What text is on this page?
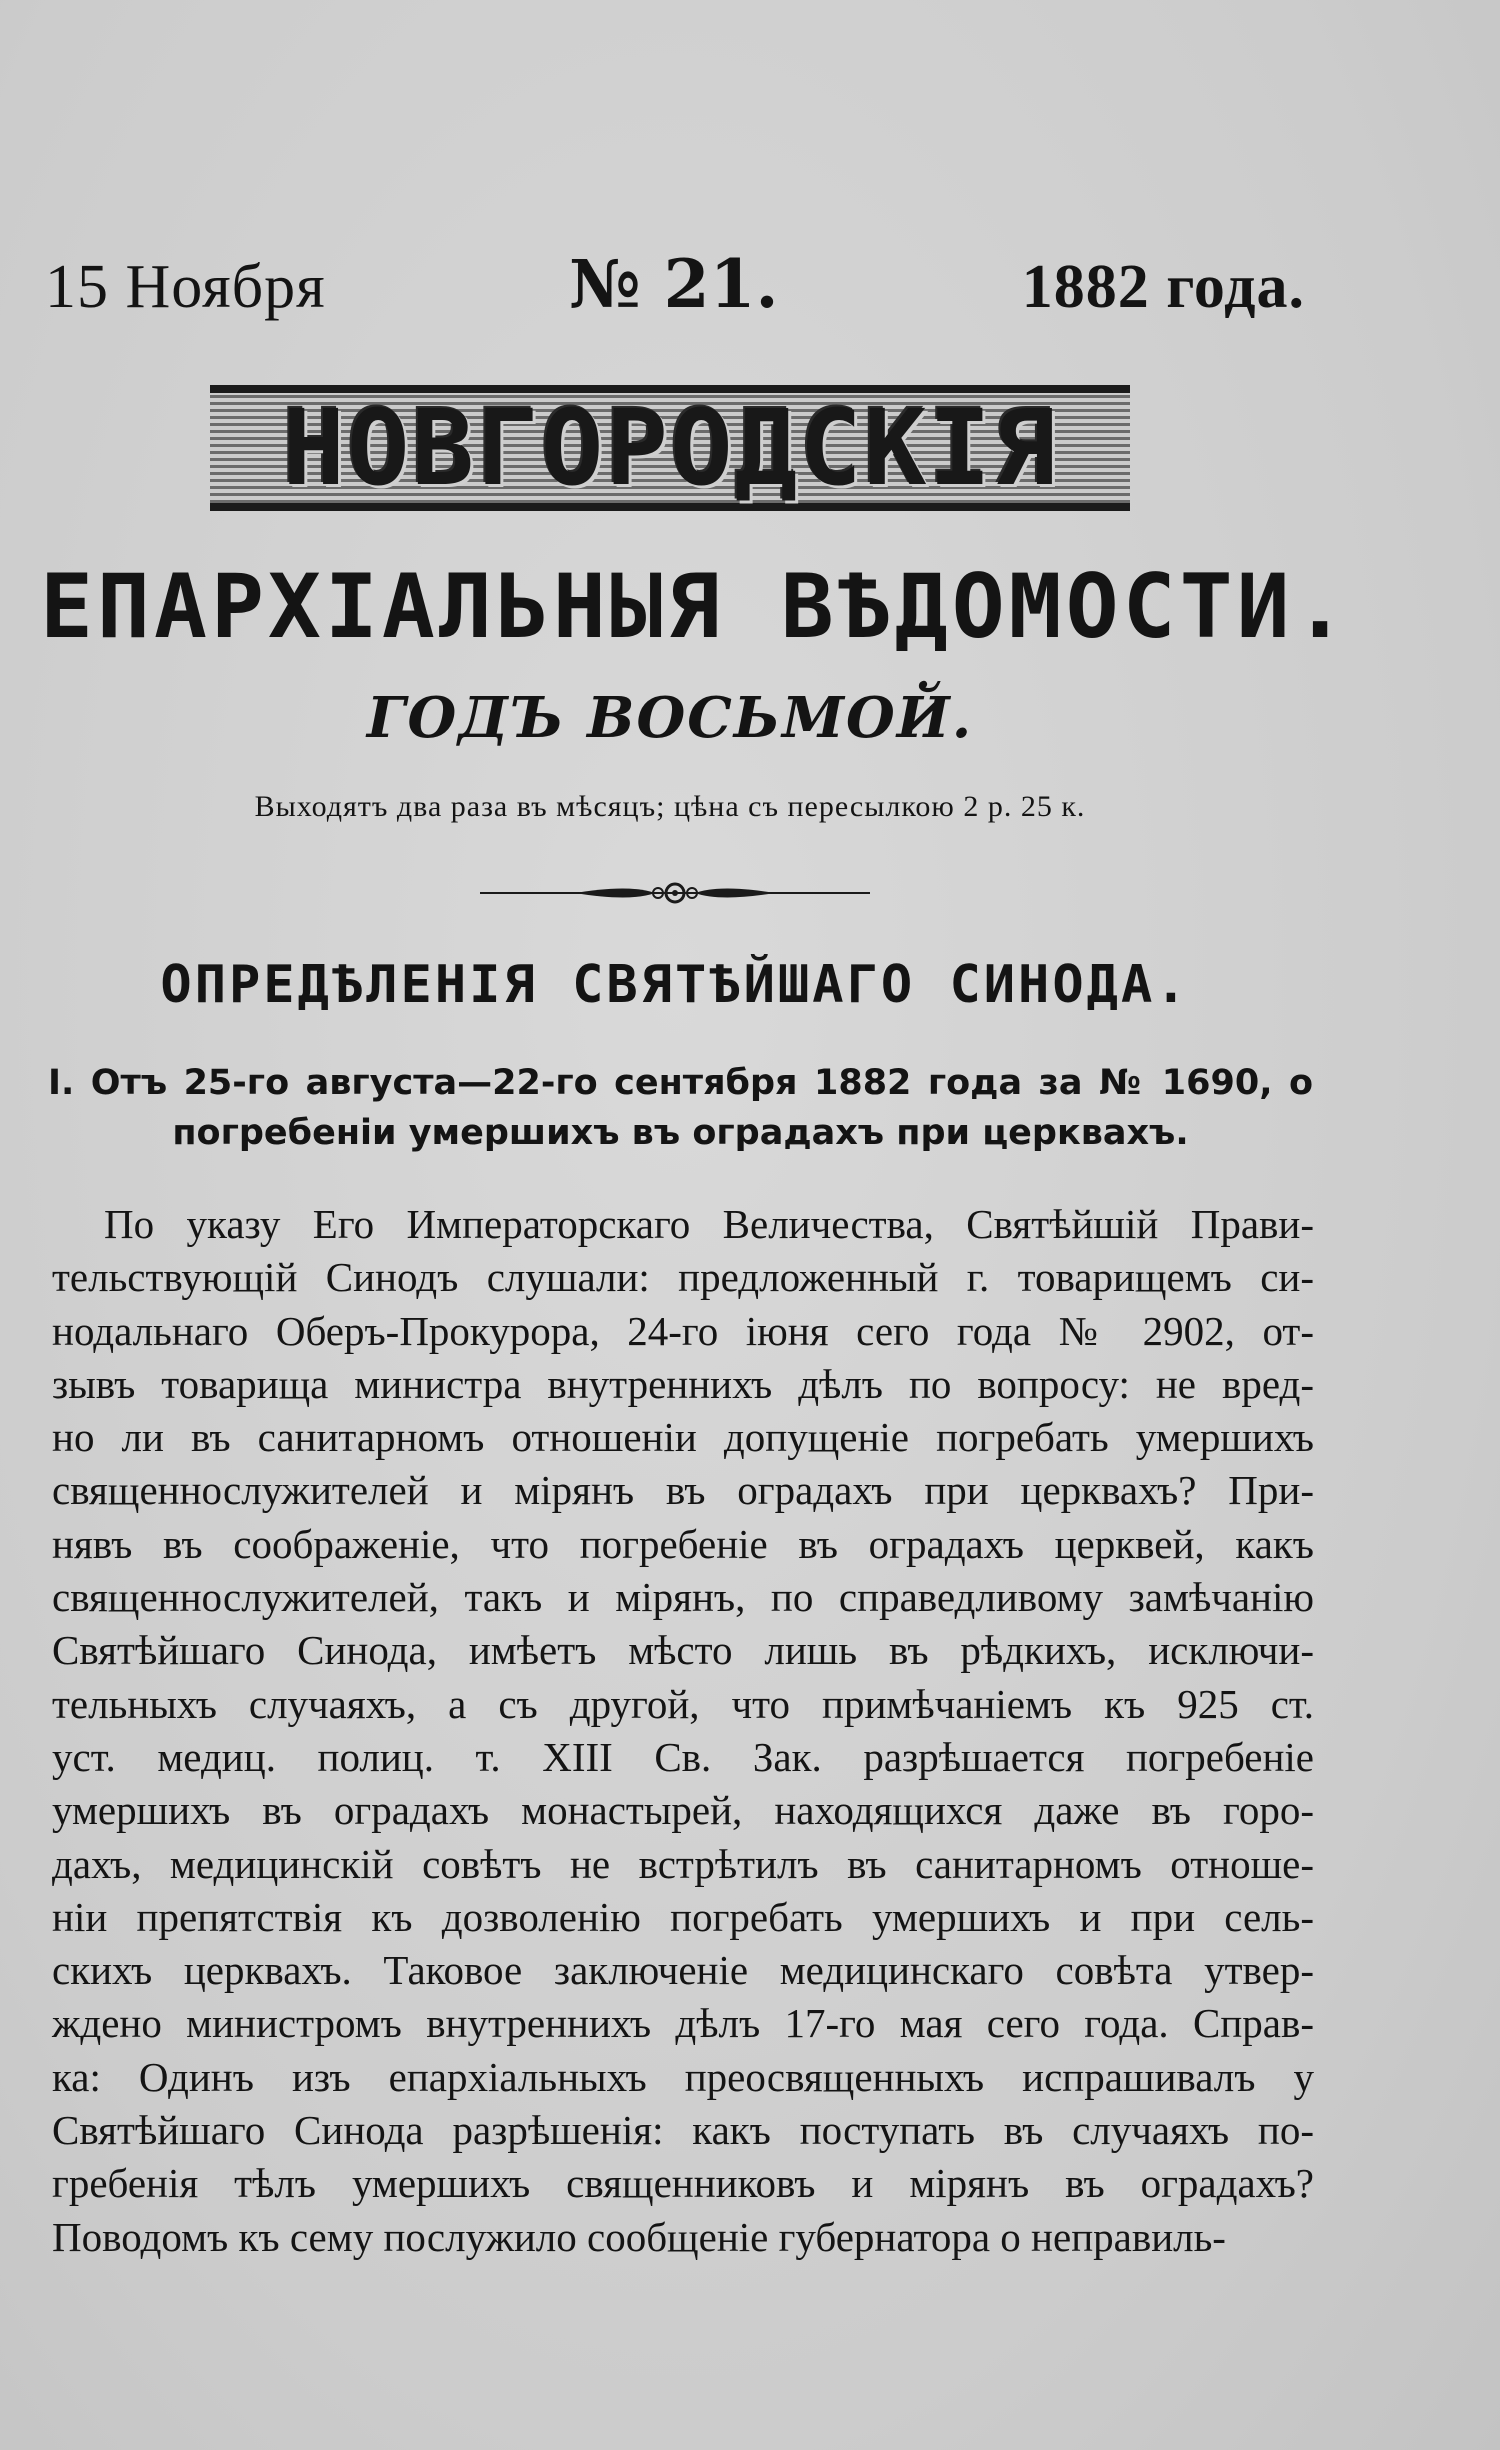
15 Ноября	№ 21.	1882 года.
НОВГОРОДСКІЯ
ЕПАРХІАЛЬНЫЯ ВѢДОМОСТИ.
ГОДЪ ВОСЬМОЙ.
Выходятъ два раза въ мѣсяцъ; цѣна съ пересылкою 2 р. 25 к.
ОПРЕДѢЛЕНІЯ СВЯТѢЙШАГО СИНОДА.
I. Отъ 25-го августа—22-го сентября 1882 года за № 1690, о погребеніи умершихъ въ оградахъ при церквахъ.
По указу Его Императорскаго Величества, Святѣйшій Прави-
тельствующій Синодъ слушали: предложенный г. товарищемъ си-
нодальнаго Оберъ-Прокурора, 24-го іюня сего года № 2902, от-
зывъ товарища министра внутреннихъ дѣлъ по вопросу: не вред-
но ли въ санитарномъ отношеніи допущеніе погребать умершихъ
священнослужителей и мірянъ въ оградахъ при церквахъ? При-
нявъ въ соображеніе, что погребеніе въ оградахъ церквей, какъ
священнослужителей, такъ и мірянъ, по справедливому замѣчанію
Святѣйшаго Синода, имѣетъ мѣсто лишь въ рѣдкихъ, исключи-
тельныхъ случаяхъ, а съ другой, что примѣчаніемъ къ 925 ст.
уст. медиц. полиц. т. XIII Св. Зак. разрѣшается погребеніе
умершихъ въ оградахъ монастырей, находящихся даже въ горо-
дахъ, медицинскій совѣтъ не встрѣтилъ въ санитарномъ отноше-
ніи препятствія къ дозволенію погребать умершихъ и при сель-
скихъ церквахъ. Таковое заключеніе медицинскаго совѣта утвер-
ждено министромъ внутреннихъ дѣлъ 17-го мая сего года. Справ-
ка: Одинъ изъ епархіальныхъ преосвященныхъ испрашивалъ у
Святѣйшаго Синода разрѣшенія: какъ поступать въ случаяхъ по-
гребенія тѣлъ умершихъ священниковъ и мірянъ въ оградахъ?
Поводомъ къ сему послужило сообщеніе губернатора о неправиль-
